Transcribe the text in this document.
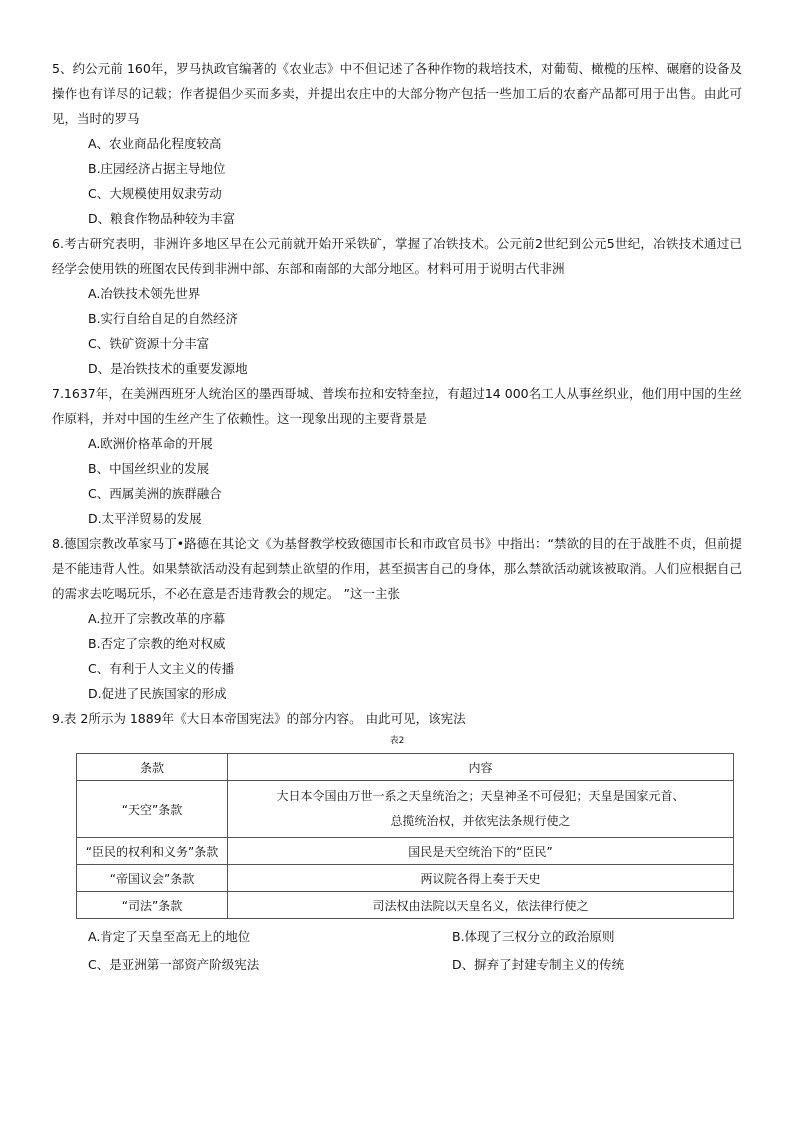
5、约公元前 160年，罗马执政官编著的《农业志》中不但记述了各种作物的栽培技术，对葡萄、橄榄的压榨、碾磨的设备及操作也有详尽的记载；作者提倡少买而多卖，并提出农庄中的大部分物产包括一些加工后的农畜产品都可用于出售。由此可见，当时的罗马

A、农业商品化程度较高

B.庄园经济占据主导地位

C、大规模使用奴隶劳动

D、粮食作物品种较为丰富

6.考古研究表明，非洲许多地区早在公元前就开始开采铁矿，掌握了冶铁技术。公元前2世纪到公元5世纪，冶铁技术通过已经学会使用铁的班图农民传到非洲中部、东部和南部的大部分地区。材料可用于说明古代非洲

A.冶铁技术领先世界

B.实行自给自足的自然经济

C、铁矿资源十分丰富

D、是冶铁技术的重要发源地

7.1637年，在美洲西班牙人统治区的墨西哥城、普埃布拉和安特奎拉，有超过14 000名工人从事丝织业，他们用中国的生丝作原料，并对中国的生丝产生了依赖性。这一现象出现的主要背景是

A.欧洲价格革命的开展

B、中国丝织业的发展

C、西属美洲的族群融合

D.太平洋贸易的发展

8.德国宗教改革家马丁•路德在其论文《为基督教学校致德国市长和市政官员书》中指出：“禁欲的目的在于战胜不贞，但前提是不能违背人性。如果禁欲活动没有起到禁止欲望的作用，甚至损害自己的身体，那么禁欲活动就该被取消。人们应根据自己的需求去吃喝玩乐，不必在意是否违背教会的规定。 ”这一主张

A.拉开了宗教改革的序幕

B.否定了宗教的绝对权威

C、有利于人文主义的传播

D.促进了民族国家的形成

9.表 2所示为 1889年《大日本帝国宪法》的部分内容。 由此可见，该宪法

表2
条款	内容
“天空”条款	大日本令国由万世一系之天皇统治之；天皇神圣不可侵犯；天皇是国家元首、
总揽统治权，并依宪法条规行使之

“臣民的权利和义务”条款	国民是天空统治下的“臣民”
“帝国议会”条款	两议院各得上奏于天史
“司法”条款	司法权由法院以天皇名义，依法律行使之
A.肯定了天皇至高无上的地位	B.体现了三权分立的政治原则
C、是亚洲第一部资产阶级宪法	D、摒弃了封建专制主义的传统
